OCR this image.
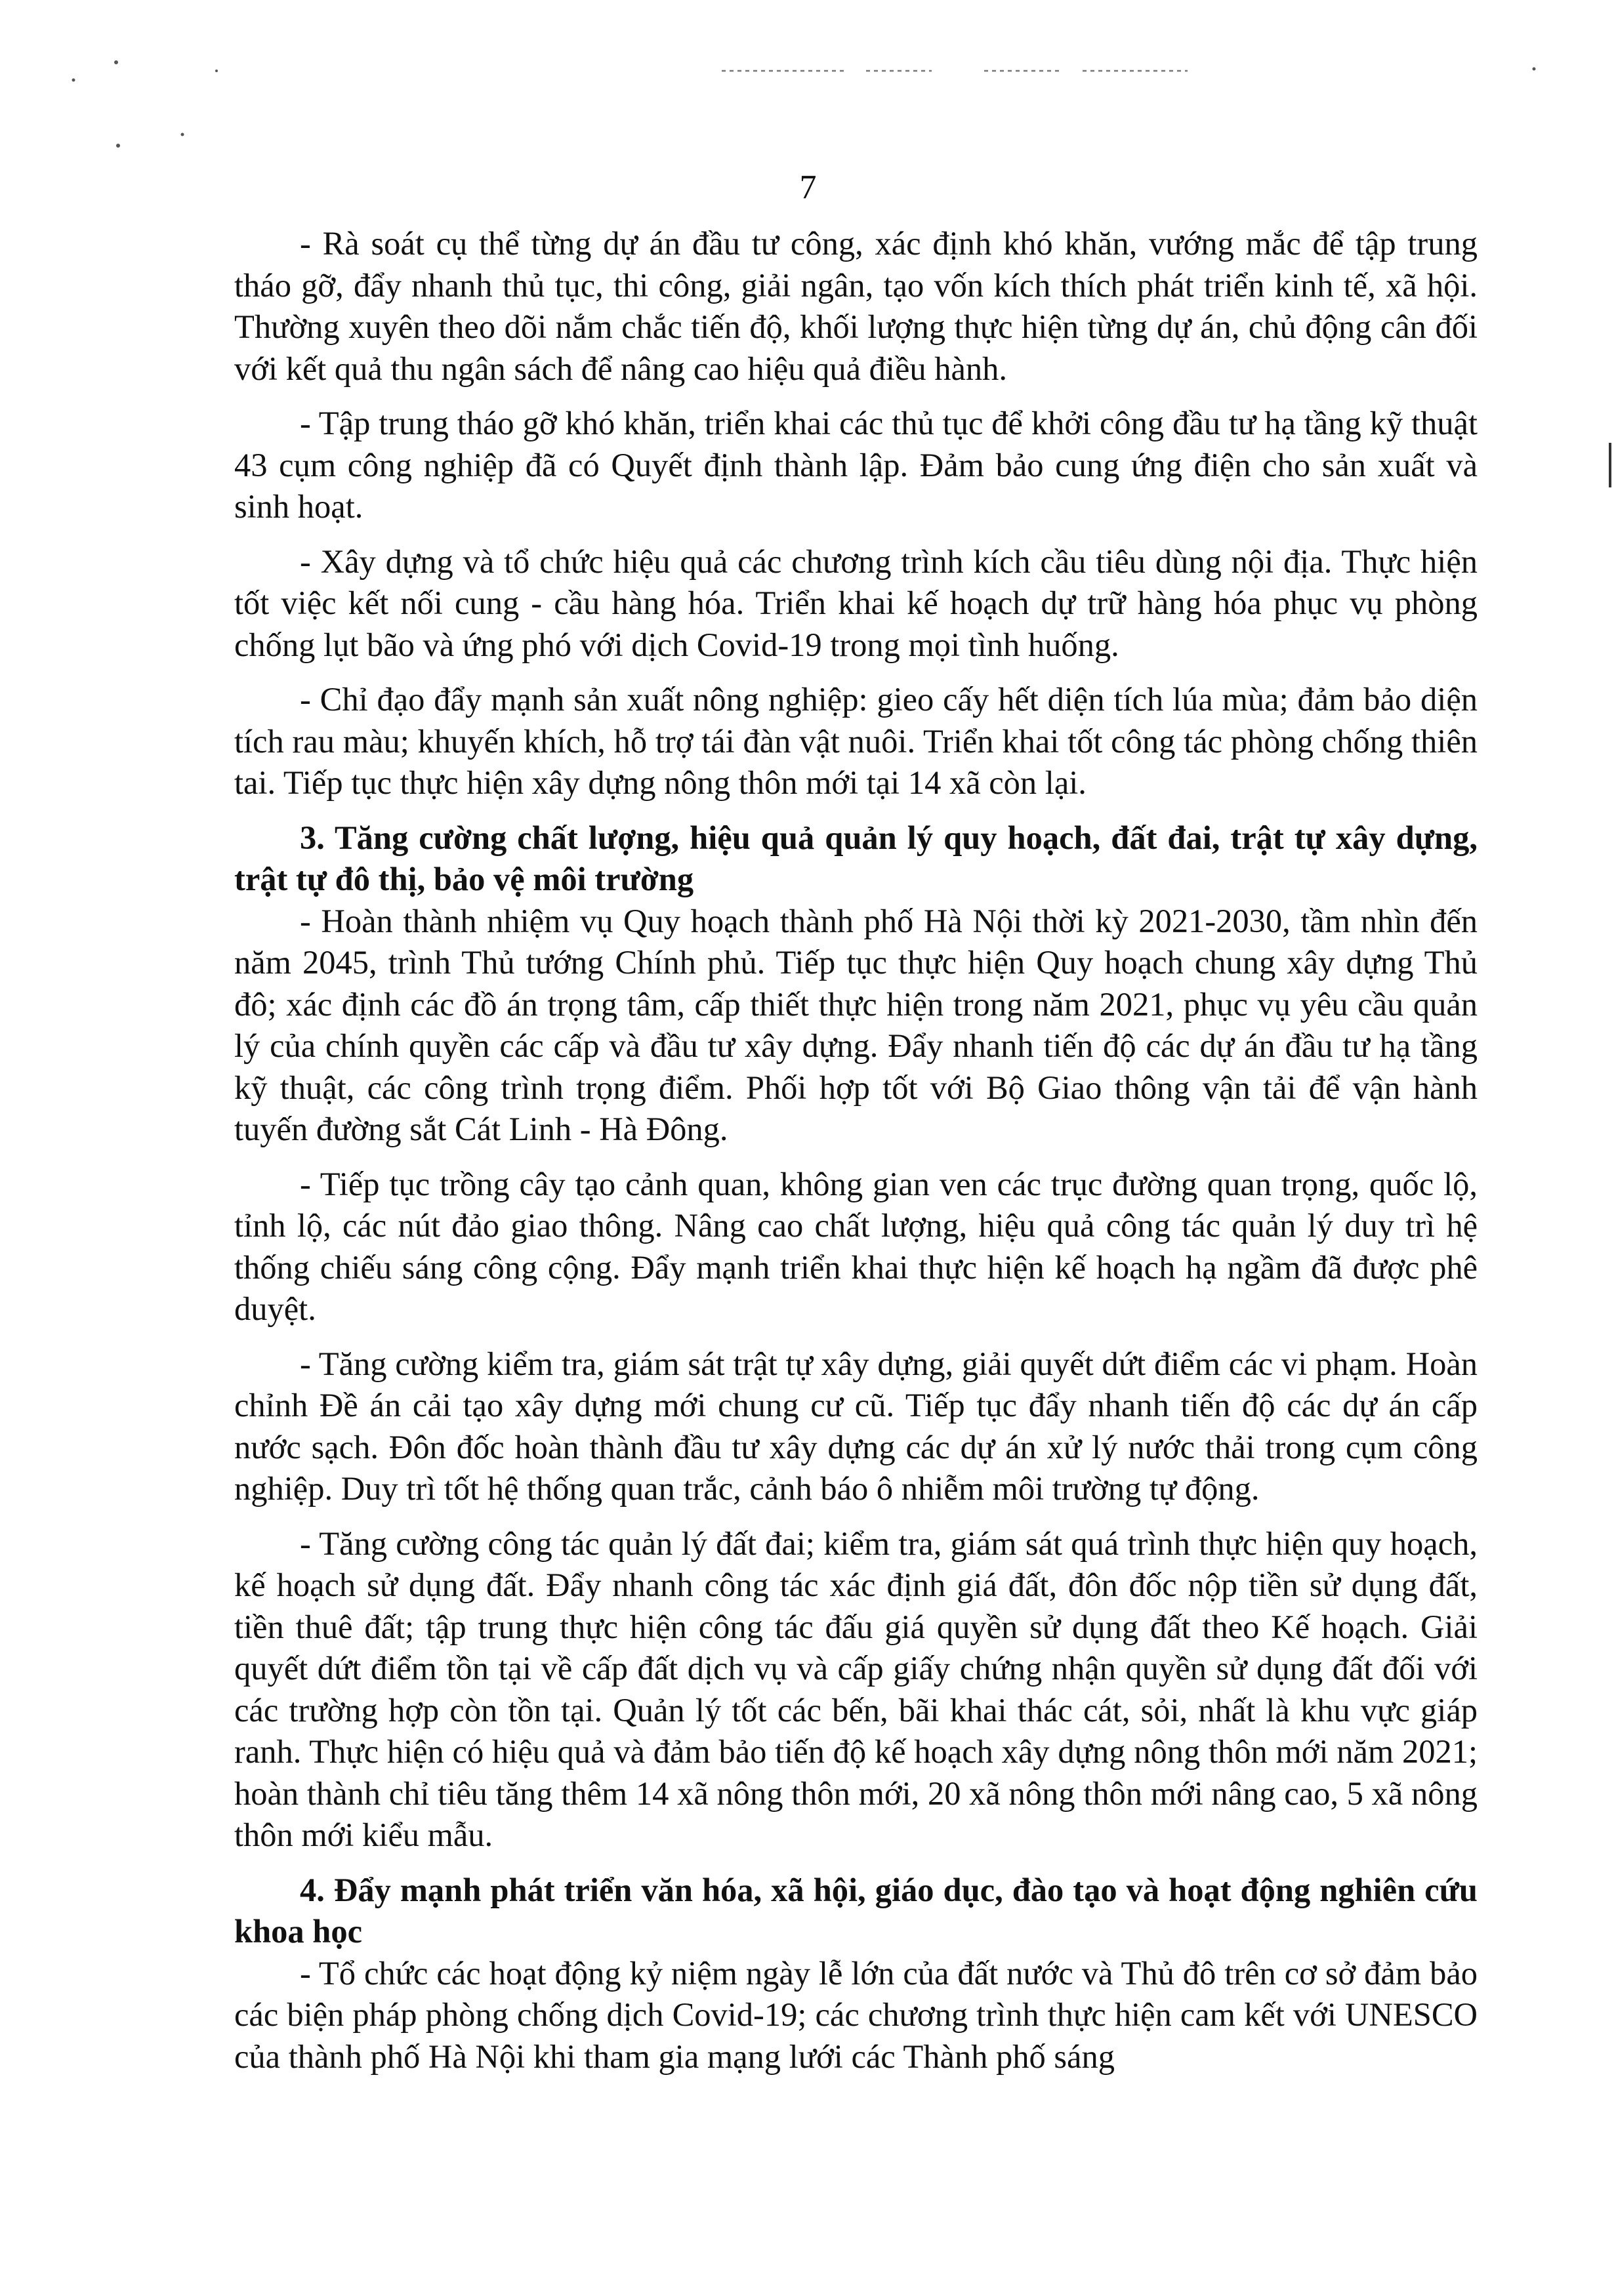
7

- Rà soát cụ thể từng dự án đầu tư công, xác định khó khăn, vướng mắc để tập trung tháo gỡ, đẩy nhanh thủ tục, thi công, giải ngân, tạo vốn kích thích phát triển kinh tế, xã hội. Thường xuyên theo dõi nắm chắc tiến độ, khối lượng thực hiện từng dự án, chủ động cân đối với kết quả thu ngân sách để nâng cao hiệu quả điều hành.

- Tập trung tháo gỡ khó khăn, triển khai các thủ tục để khởi công đầu tư hạ tầng kỹ thuật 43 cụm công nghiệp đã có Quyết định thành lập. Đảm bảo cung ứng điện cho sản xuất và sinh hoạt.

- Xây dựng và tổ chức hiệu quả các chương trình kích cầu tiêu dùng nội địa. Thực hiện tốt việc kết nối cung - cầu hàng hóa. Triển khai kế hoạch dự trữ hàng hóa phục vụ phòng chống lụt bão và ứng phó với dịch Covid-19 trong mọi tình huống.

- Chỉ đạo đẩy mạnh sản xuất nông nghiệp: gieo cấy hết diện tích lúa mùa; đảm bảo diện tích rau màu; khuyến khích, hỗ trợ tái đàn vật nuôi. Triển khai tốt công tác phòng chống thiên tai. Tiếp tục thực hiện xây dựng nông thôn mới tại 14 xã còn lại.

3. Tăng cường chất lượng, hiệu quả quản lý quy hoạch, đất đai, trật tự xây dựng, trật tự đô thị, bảo vệ môi trường

- Hoàn thành nhiệm vụ Quy hoạch thành phố Hà Nội thời kỳ 2021-2030, tầm nhìn đến năm 2045, trình Thủ tướng Chính phủ. Tiếp tục thực hiện Quy hoạch chung xây dựng Thủ đô; xác định các đồ án trọng tâm, cấp thiết thực hiện trong năm 2021, phục vụ yêu cầu quản lý của chính quyền các cấp và đầu tư xây dựng. Đẩy nhanh tiến độ các dự án đầu tư hạ tầng kỹ thuật, các công trình trọng điểm. Phối hợp tốt với Bộ Giao thông vận tải để vận hành tuyến đường sắt Cát Linh - Hà Đông.

- Tiếp tục trồng cây tạo cảnh quan, không gian ven các trục đường quan trọng, quốc lộ, tỉnh lộ, các nút đảo giao thông. Nâng cao chất lượng, hiệu quả công tác quản lý duy trì hệ thống chiếu sáng công cộng. Đẩy mạnh triển khai thực hiện kế hoạch hạ ngầm đã được phê duyệt.

- Tăng cường kiểm tra, giám sát trật tự xây dựng, giải quyết dứt điểm các vi phạm. Hoàn chỉnh Đề án cải tạo xây dựng mới chung cư cũ. Tiếp tục đẩy nhanh tiến độ các dự án cấp nước sạch. Đôn đốc hoàn thành đầu tư xây dựng các dự án xử lý nước thải trong cụm công nghiệp. Duy trì tốt hệ thống quan trắc, cảnh báo ô nhiễm môi trường tự động.

- Tăng cường công tác quản lý đất đai; kiểm tra, giám sát quá trình thực hiện quy hoạch, kế hoạch sử dụng đất. Đẩy nhanh công tác xác định giá đất, đôn đốc nộp tiền sử dụng đất, tiền thuê đất; tập trung thực hiện công tác đấu giá quyền sử dụng đất theo Kế hoạch. Giải quyết dứt điểm tồn tại về cấp đất dịch vụ và cấp giấy chứng nhận quyền sử dụng đất đối với các trường hợp còn tồn tại. Quản lý tốt các bến, bãi khai thác cát, sỏi, nhất là khu vực giáp ranh. Thực hiện có hiệu quả và đảm bảo tiến độ kế hoạch xây dựng nông thôn mới năm 2021; hoàn thành chỉ tiêu tăng thêm 14 xã nông thôn mới, 20 xã nông thôn mới nâng cao, 5 xã nông thôn mới kiểu mẫu.

4. Đẩy mạnh phát triển văn hóa, xã hội, giáo dục, đào tạo và hoạt động nghiên cứu khoa học

- Tổ chức các hoạt động kỷ niệm ngày lễ lớn của đất nước và Thủ đô trên cơ sở đảm bảo các biện pháp phòng chống dịch Covid-19; các chương trình thực hiện cam kết với UNESCO của thành phố Hà Nội khi tham gia mạng lưới các Thành phố sáng
